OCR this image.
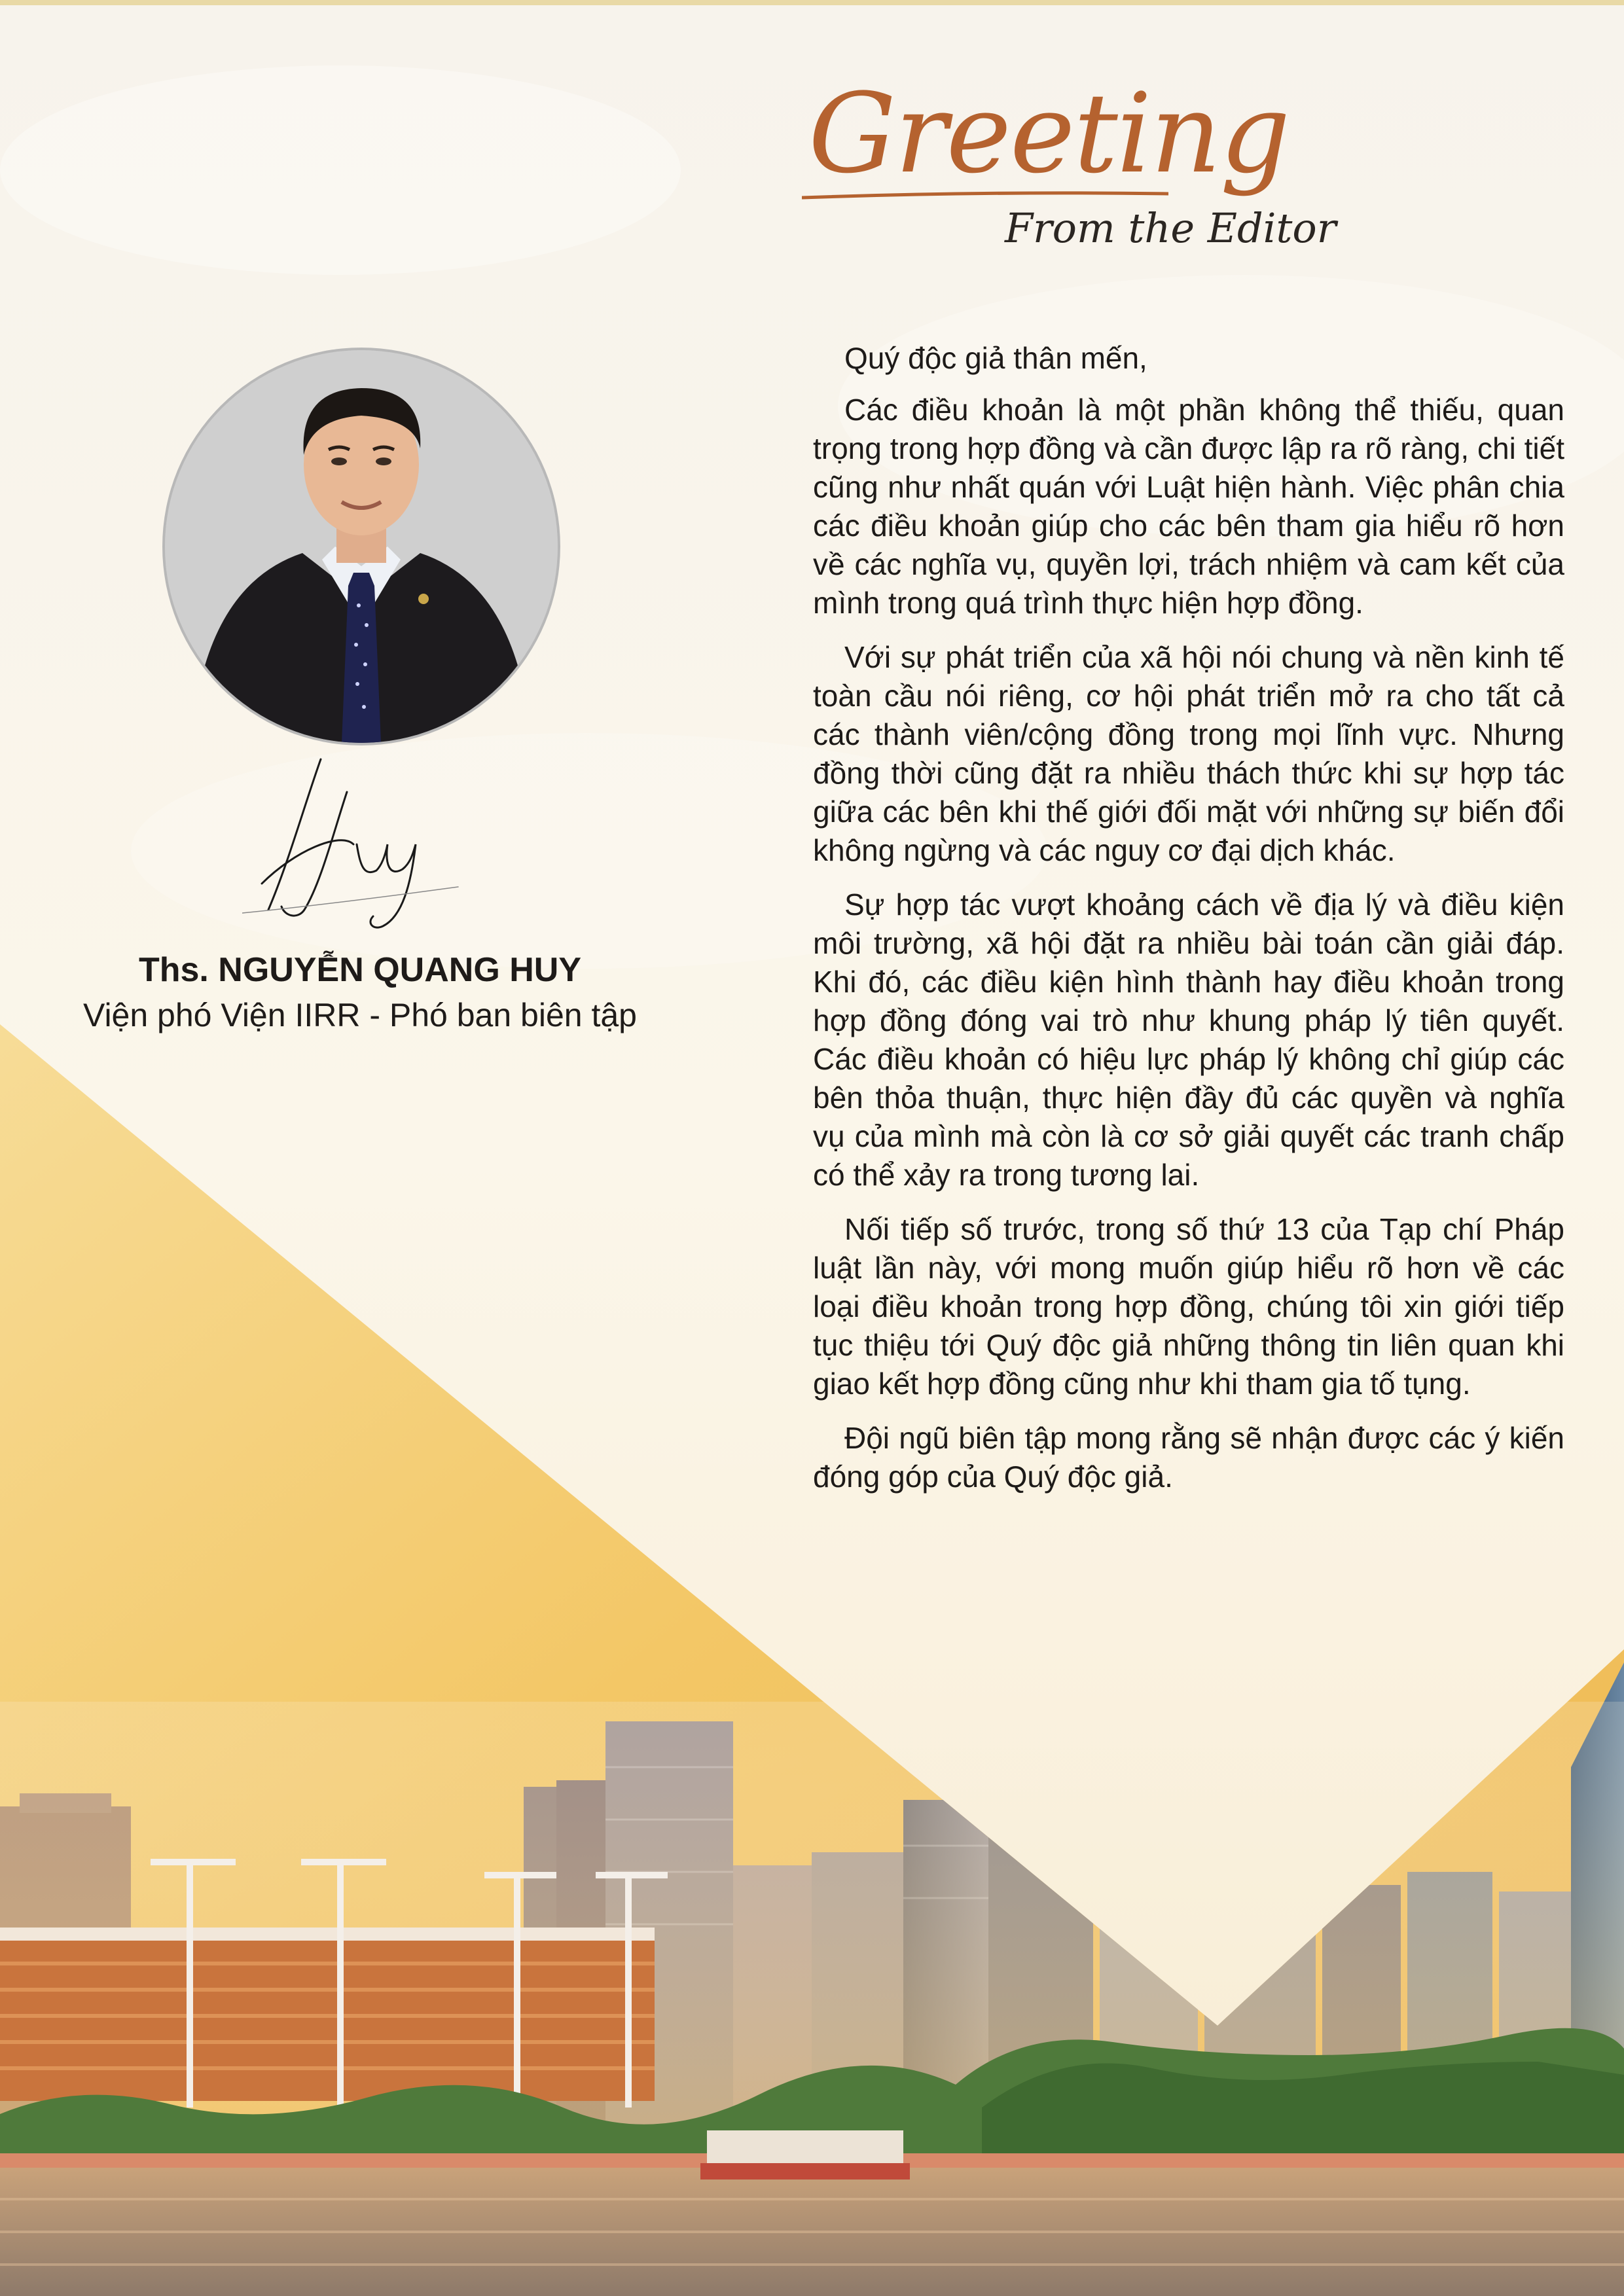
Greeting

From the Editor

Ths. NGUYỄN QUANG HUY

Viện phó Viện IIRR - Phó ban biên tập

Quý độc giả thân mến,

Các điều khoản là một phần không thể thiếu, quan trọng trong hợp đồng và cần được lập ra rõ ràng, chi tiết cũng như nhất quán với Luật hiện hành. Việc phân chia các điều khoản giúp cho các bên tham gia hiểu rõ hơn về các nghĩa vụ, quyền lợi, trách nhiệm và cam kết của mình trong quá trình thực hiện hợp đồng.

Với sự phát triển của xã hội nói chung và nền kinh tế toàn cầu nói riêng, cơ hội phát triển mở ra cho tất cả các thành viên/cộng đồng trong mọi lĩnh vực. Nhưng đồng thời cũng đặt ra nhiều thách thức khi sự hợp tác giữa các bên khi thế giới đối mặt với những sự biến đổi không ngừng và các nguy cơ đại dịch khác.

Sự hợp tác vượt khoảng cách về địa lý và điều kiện môi trường, xã hội đặt ra nhiều bài toán cần giải đáp. Khi đó, các điều kiện hình thành hay điều khoản trong hợp đồng đóng vai trò như khung pháp lý tiên quyết. Các điều khoản có hiệu lực pháp lý không chỉ giúp các bên thỏa thuận, thực hiện đầy đủ các quyền và nghĩa vụ của mình mà còn là cơ sở giải quyết các tranh chấp có thể xảy ra trong tương lai.

Nối tiếp số trước, trong số thứ 13 của Tạp chí Pháp luật lần này, với mong muốn giúp hiểu rõ hơn về các loại điều khoản trong hợp đồng, chúng tôi xin giới tiếp tục thiệu tới Quý độc giả những thông tin liên quan khi giao kết hợp đồng cũng như khi tham gia tố tụng.

Đội ngũ biên tập mong rằng sẽ nhận được các ý kiến đóng góp của Quý độc giả.
